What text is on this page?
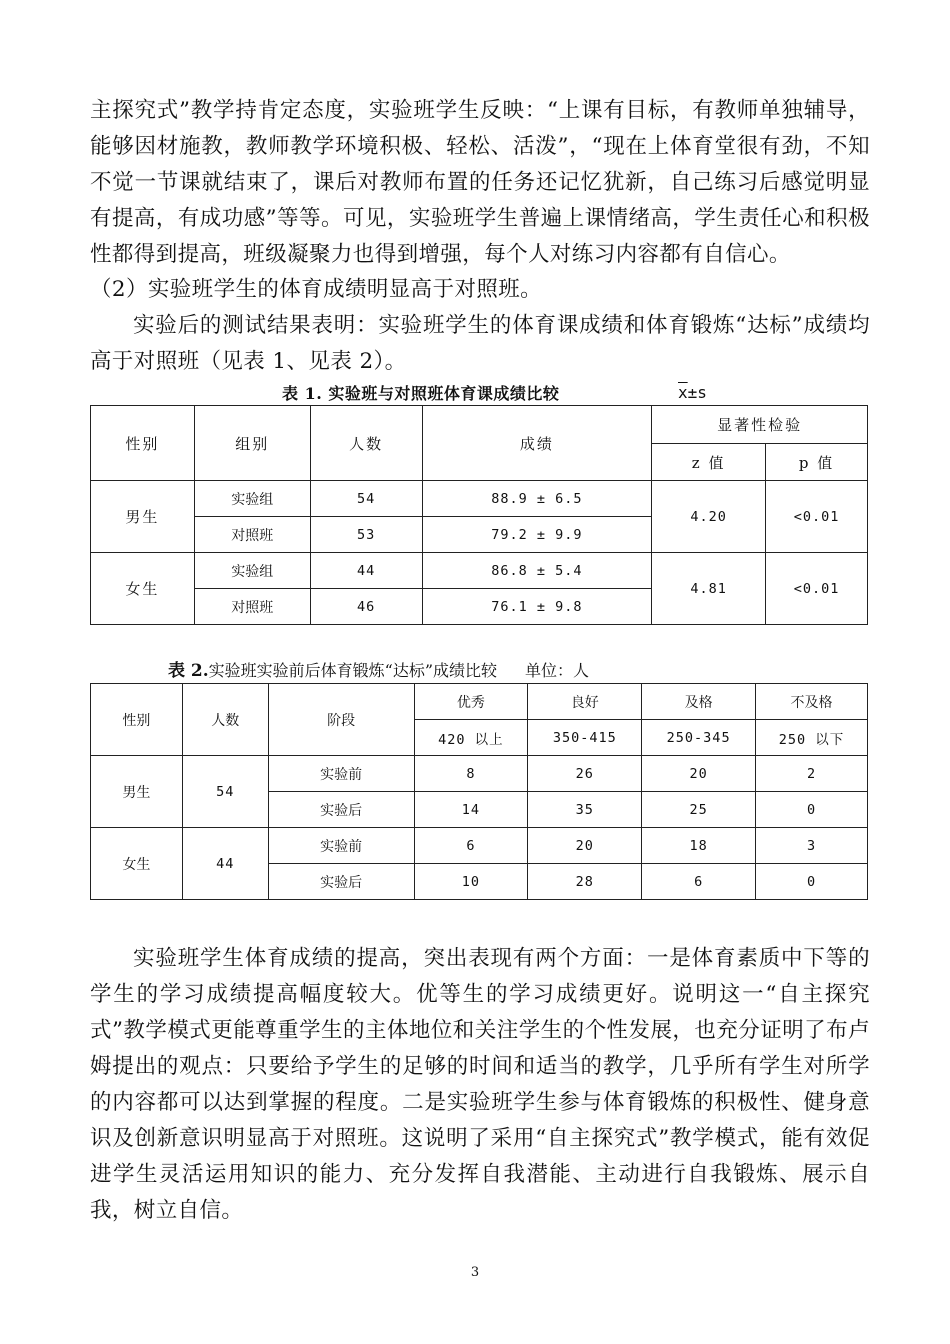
主探究式”教学持肯定态度，实验班学生反映：“上课有目标，有教师单独辅导，能够因材施教，教师教学环境积极、轻松、活泼”，“现在上体育堂很有劲，不知不觉一节课就结束了，课后对教师布置的任务还记忆犹新，自己练习后感觉明显有提高，有成功感”等等。可见，实验班学生普遍上课情绪高，学生责任心和积极性都得到提高，班级凝聚力也得到增强，每个人对练习内容都有自信心。

（2）实验班学生的体育成绩明显高于对照班。

实验后的测试结果表明：实验班学生的体育课成绩和体育锻炼“达标”成绩均高于对照班（见表 1、见表 2）。

表 1. 实验班与对照班体育课成绩比较	$\overline{x}\pm s$
性别	组别	人数	成绩	显著性检验	
				z 值	p 值
男生	实验组	54	88.9 ± 6.5	4.20	<0.01
	对照班	53	79.2 ± 9.9		
女生	实验组	44	86.8 ± 5.4	4.81	<0.01
	对照班	46	76.1 ± 9.8		
表 2.实验班实验前后体育锻炼“达标”成绩比较 单位：人
性别	人数	阶段	优秀	良好	及格	不及格
			420 以上	350-415	250-345	250 以下
男生	54	实验前	8	26	20	2
		实验后	14	35	25	0
女生	44	实验前	6	20	18	3
		实验后	10	28	6	0

实验班学生体育成绩的提高，突出表现有两个方面：一是体育素质中下等的学生的学习成绩提高幅度较大。优等生的学习成绩更好。说明这一“自主探究式”教学模式更能尊重学生的主体地位和关注学生的个性发展，也充分证明了布卢姆提出的观点：只要给予学生的足够的时间和适当的教学，几乎所有学生对所学的内容都可以达到掌握的程度。二是实验班学生参与体育锻炼的积极性、健身意识及创新意识明显高于对照班。这说明了采用“自主探究式”教学模式，能有效促进学生灵活运用知识的能力、充分发挥自我潜能、主动进行自我锻炼、展示自我，树立自信。

3
